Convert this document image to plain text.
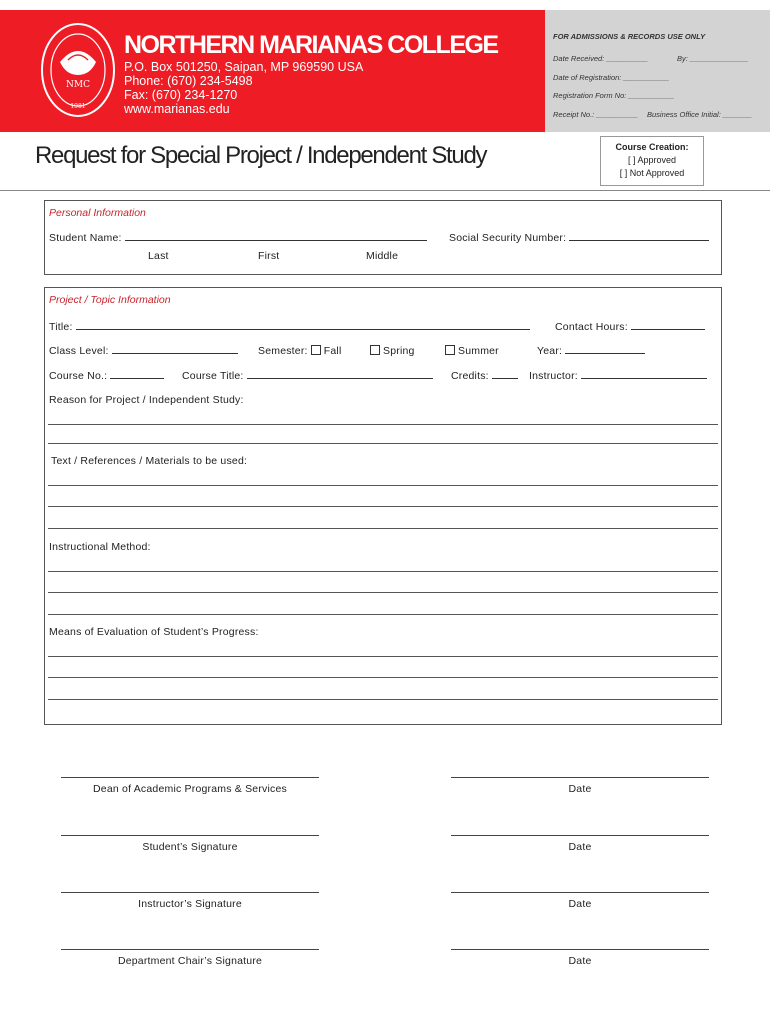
NMC
1981
NORTHERN MARIANAS COLLEGE
P.O. Box 501250, Saipan, MP 969590 USA
Phone: (670) 234-5498
Fax: (670) 234-1270
www.marianas.edu
FOR ADMISSIONS & RECORDS USE ONLY
Date Received: __________	By: ______________
Date of Registration: ___________
Registration Form No: ___________
Receipt No.: __________ Business Office Initial: _______
Request for Special Project / Independent Study	Course Creation:
[ ] Approved
[ ] Not Approved
Personal Information
Student Name:	Social Security Number:
Last	First	Middle
Project / Topic Information
Title:	Contact Hours:
Class Level:	Semester: Fall	Spring	Summer	Year:
Course No.:	Course Title:	Credits:	Instructor:
Reason for Project / Independent Study:
Text / References / Materials to be used:
Instructional Method:
Means of Evaluation of Student’s Progress:
Dean of Academic Programs & Services	Date
Student’s Signature	Date
Instructor’s Signature	Date
Department Chair’s Signature	Date
